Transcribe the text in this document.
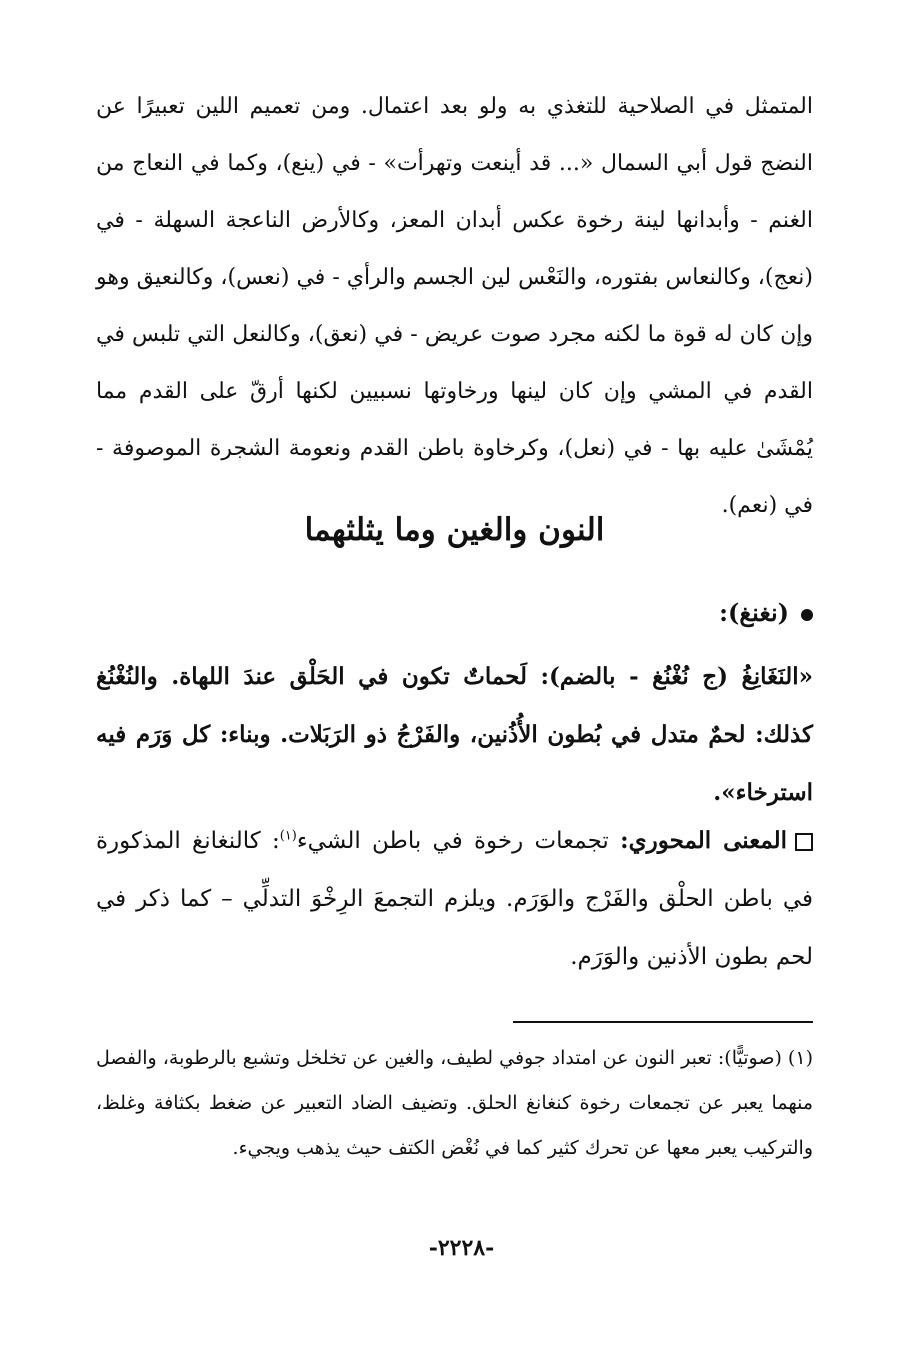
المتمثل في الصلاحية للتغذي به ولو بعد اعتمال. ومن تعميم اللين تعبيرًا عن النضج قول أبي السمال «... قد أينعت وتهرأت» - في (ينع)، وكما في النعاج من الغنم - وأبدانها لينة رخوة عكس أبدان المعز، وكالأرض الناعجة السهلة - في (نعج)، وكالنعاس بفتوره، والنَعْس لين الجسم والرأي - في (نعس)، وكالنعيق وهو وإن كان له قوة ما لكنه مجرد صوت عريض - في (نعق)، وكالنعل التي تلبس في القدم في المشي وإن كان لينها ورخاوتها نسبيين لكنها أرقّ على القدم مما يُمْشَىٰ عليه بها - في (نعل)، وكرخاوة باطن القدم ونعومة الشجرة الموصوفة - في (نعم).

النون والغين وما يثلثهما

(نغنغ):

«النَغَانِغُ (ج نُغْنُغ - بالضم): لَحماتٌ تكون في الحَلْق عندَ اللهاة. والنُغْنُغ كذلك: لحمٌ متدل في بُطون الأُذُنين، والفَرْجُ ذو الرَبَلات. وبناء: كل وَرَم فيه استرخاء».

المعنى المحوري: تجمعات رخوة في باطن الشيء$^{(١)}$: كالنغانغ المذكورة في باطن الحلْق والفَرْج والوَرَم. ويلزم التجمعَ الرِخْوَ التدلِّي – كما ذكر في لحم بطون الأذنين والوَرَم.

(١) (صوتيًّا): تعبر النون عن امتداد جوفي لطيف، والغين عن تخلخل وتشبع بالرطوبة، والفصل منهما يعبر عن تجمعات رخوة كنغانغ الحلق. وتضيف الضاد التعبير عن ضغط بكثافة وغلظ، والتركيب يعبر معها عن تحرك كثير كما في نُغْض الكتف حيث يذهب ويجيء.

-٢٢٢٨-
